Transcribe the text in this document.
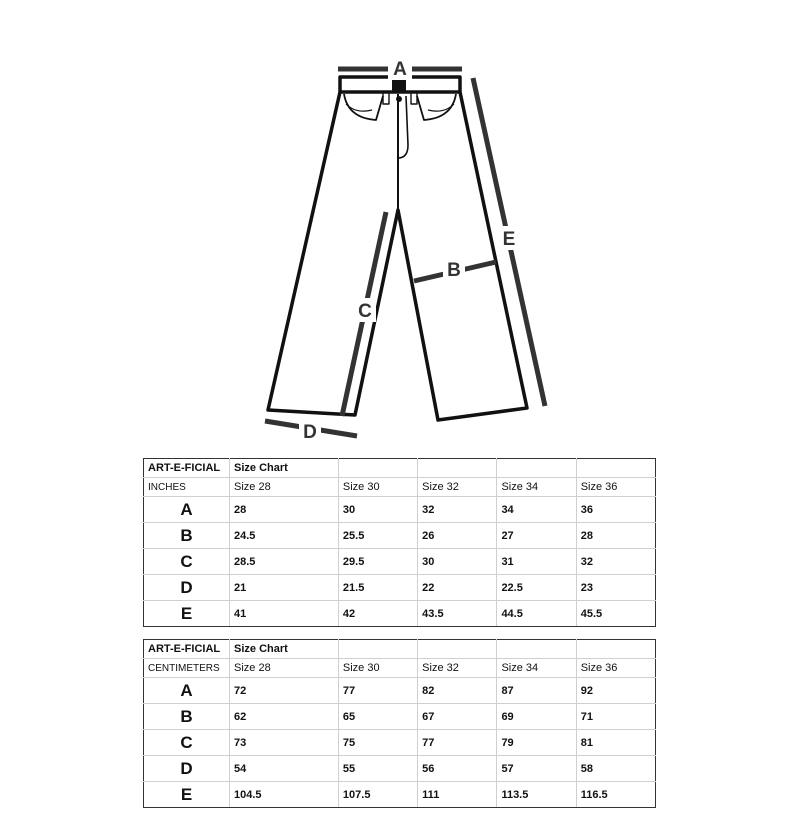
A
B
C
D
E
ART-E-FICIAL	Size Chart				
INCHES	Size 28	Size 30	Size 32	Size 34	Size 36
A	28	30	32	34	36
B	24.5	25.5	26	27	28
C	28.5	29.5	30	31	32
D	21	21.5	22	22.5	23
E	41	42	43.5	44.5	45.5
ART-E-FICIAL	Size Chart				
CENTIMETERS	Size 28	Size 30	Size 32	Size 34	Size 36
A	72	77	82	87	92
B	62	65	67	69	71
C	73	75	77	79	81
D	54	55	56	57	58
E	104.5	107.5	111	113.5	116.5
